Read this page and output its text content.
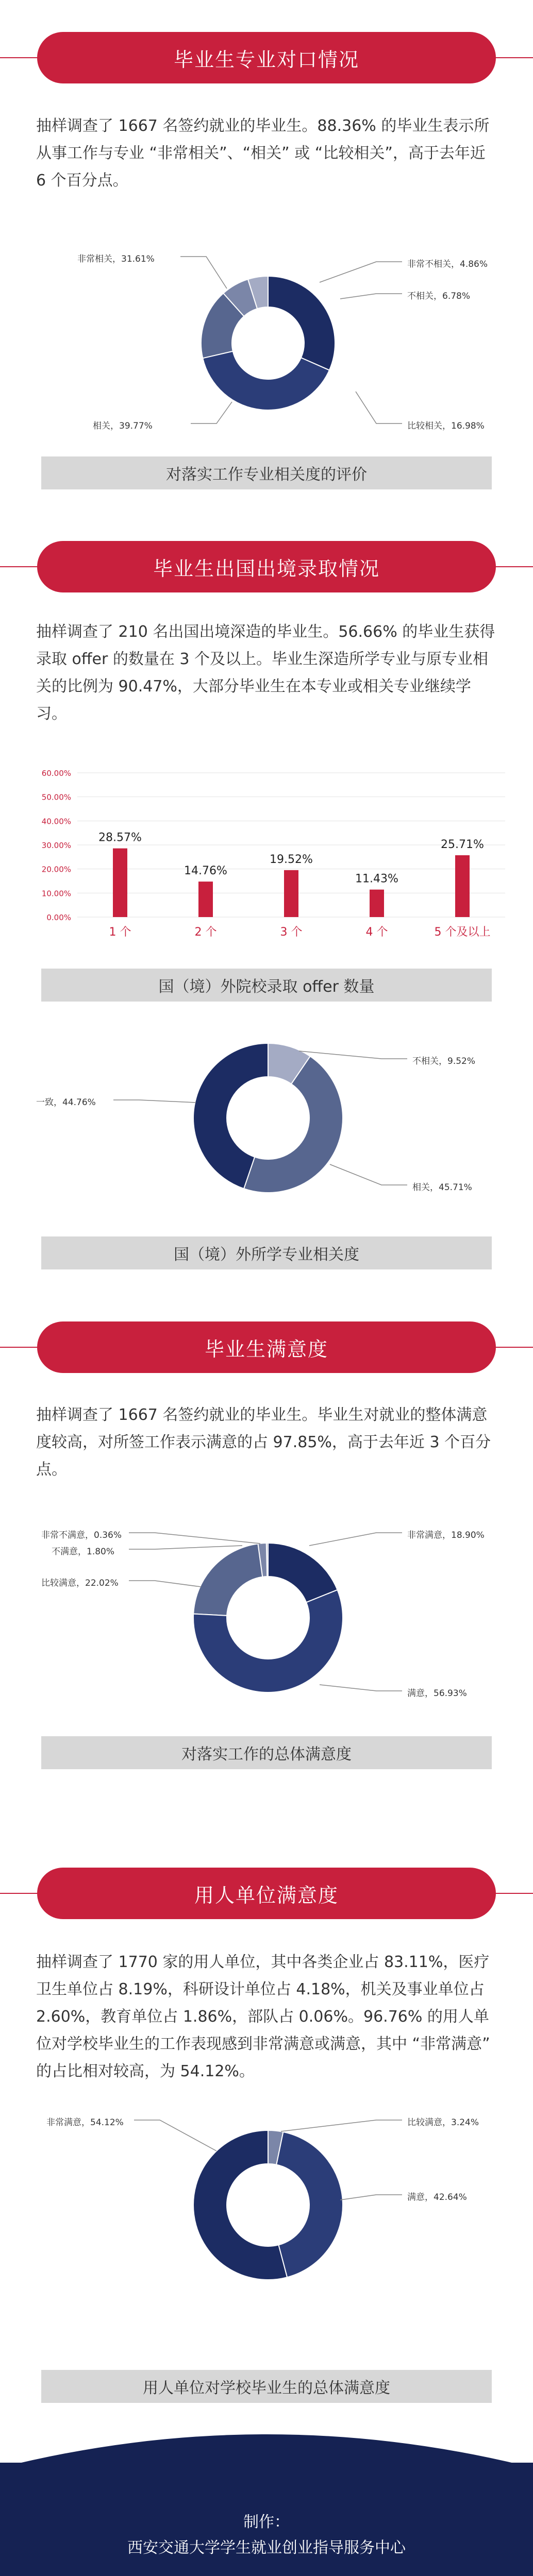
毕业生专业对口情况
抽样调查了 1667 名签约就业的毕业生。88.36% 的毕业生表示所从事工作与专业 “非常相关”、“相关” 或 “比较相关”，高于去年近 6 个百分点。
非常相关，31.61%
相关，39.77%	比较相关，16.98%
不相关，6.78%
非常不相关，4.86%
对落实工作专业相关度的评价
毕业生出国出境录取情况
抽样调查了 210 名出国出境深造的毕业生。56.66% 的毕业生获得录取 offer 的数量在 3 个及以上。毕业生深造所学专业与原专业相关的比例为 90.47%，大部分毕业生在本专业或相关专业继续学习。
0.00%
10.00%
20.00%
30.00%
40.00%
50.00%
60.00%
28.57%
1 个
14.76%
2 个
19.52%
3 个
11.43%
4 个
25.71%
5 个及以上
国（境）外院校录取 offer 数量
不相关，9.52%
相关，45.71%
一致，44.76%
国（境）外所学专业相关度
毕业生满意度
抽样调查了 1667 名签约就业的毕业生。毕业生对就业的整体满意度较高，对所签工作表示满意的占 97.85%，高于去年近 3 个百分点。
非常满意，18.90%
满意，56.93%
比较满意，22.02%
不满意，1.80%
非常不满意，0.36%
对落实工作的总体满意度
用人单位满意度
抽样调查了 1770 家的用人单位，其中各类企业占 83.11%，医疗卫生单位占 8.19%，科研设计单位占 4.18%，机关及事业单位占 2.60%，教育单位占 1.86%，部队占 0.06%。96.76% 的用人单位对学校毕业生的工作表现感到非常满意或满意，其中 “非常满意” 的占比相对较高，为 54.12%。
比较满意，3.24%
满意，42.64%
非常满意，54.12%
用人单位对学校毕业生的总体满意度
制作：
西安交通大学学生就业创业指导服务中心
